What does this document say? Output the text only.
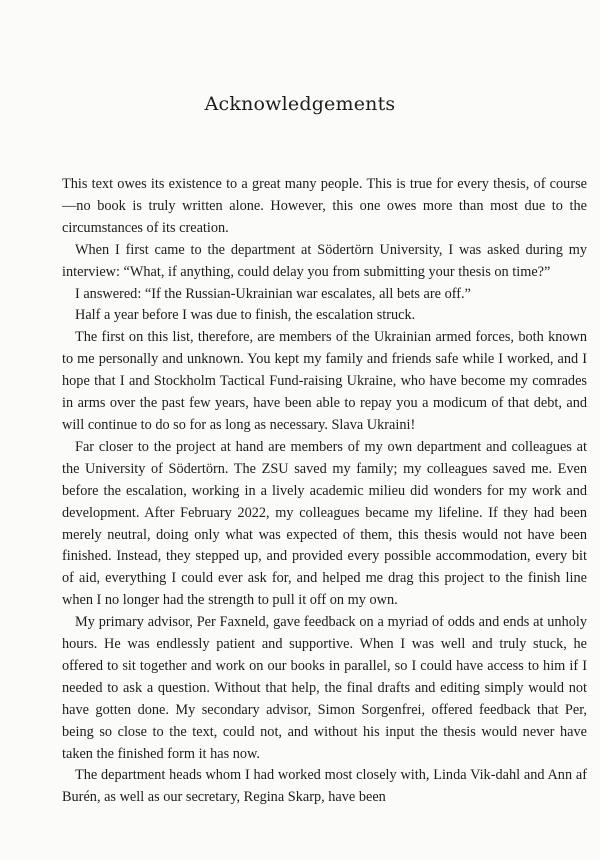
Acknowledgements

This text owes its existence to a great many people. This is true for every thesis, of course—no book is truly written alone. However, this one owes more than most due to the circumstances of its creation.

When I first came to the department at Södertörn University, I was asked during my interview: “What, if anything, could delay you from submitting your thesis on time?”

I answered: “If the Russian-Ukrainian war escalates, all bets are off.”

Half a year before I was due to finish, the escalation struck.

The first on this list, therefore, are members of the Ukrainian armed forces, both known to me personally and unknown. You kept my family and friends safe while I worked, and I hope that I and Stockholm Tactical Fund-raising Ukraine, who have become my comrades in arms over the past few years, have been able to repay you a modicum of that debt, and will continue to do so for as long as necessary. Slava Ukraini!

Far closer to the project at hand are members of my own department and colleagues at the University of Södertörn. The ZSU saved my family; my colleagues saved me. Even before the escalation, working in a lively academic milieu did wonders for my work and development. After February 2022, my colleagues became my lifeline. If they had been merely neutral, doing only what was expected of them, this thesis would not have been finished. Instead, they stepped up, and provided every possible accommodation, every bit of aid, everything I could ever ask for, and helped me drag this project to the finish line when I no longer had the strength to pull it off on my own.

My primary advisor, Per Faxneld, gave feedback on a myriad of odds and ends at unholy hours. He was endlessly patient and supportive. When I was well and truly stuck, he offered to sit together and work on our books in parallel, so I could have access to him if I needed to ask a question. Without that help, the final drafts and editing simply would not have gotten done. My secondary advisor, Simon Sorgenfrei, offered feedback that Per, being so close to the text, could not, and without his input the thesis would never have taken the finished form it has now.

The department heads whom I had worked most closely with, Linda Vik-dahl and Ann af Burén, as well as our secretary, Regina Skarp, have been
